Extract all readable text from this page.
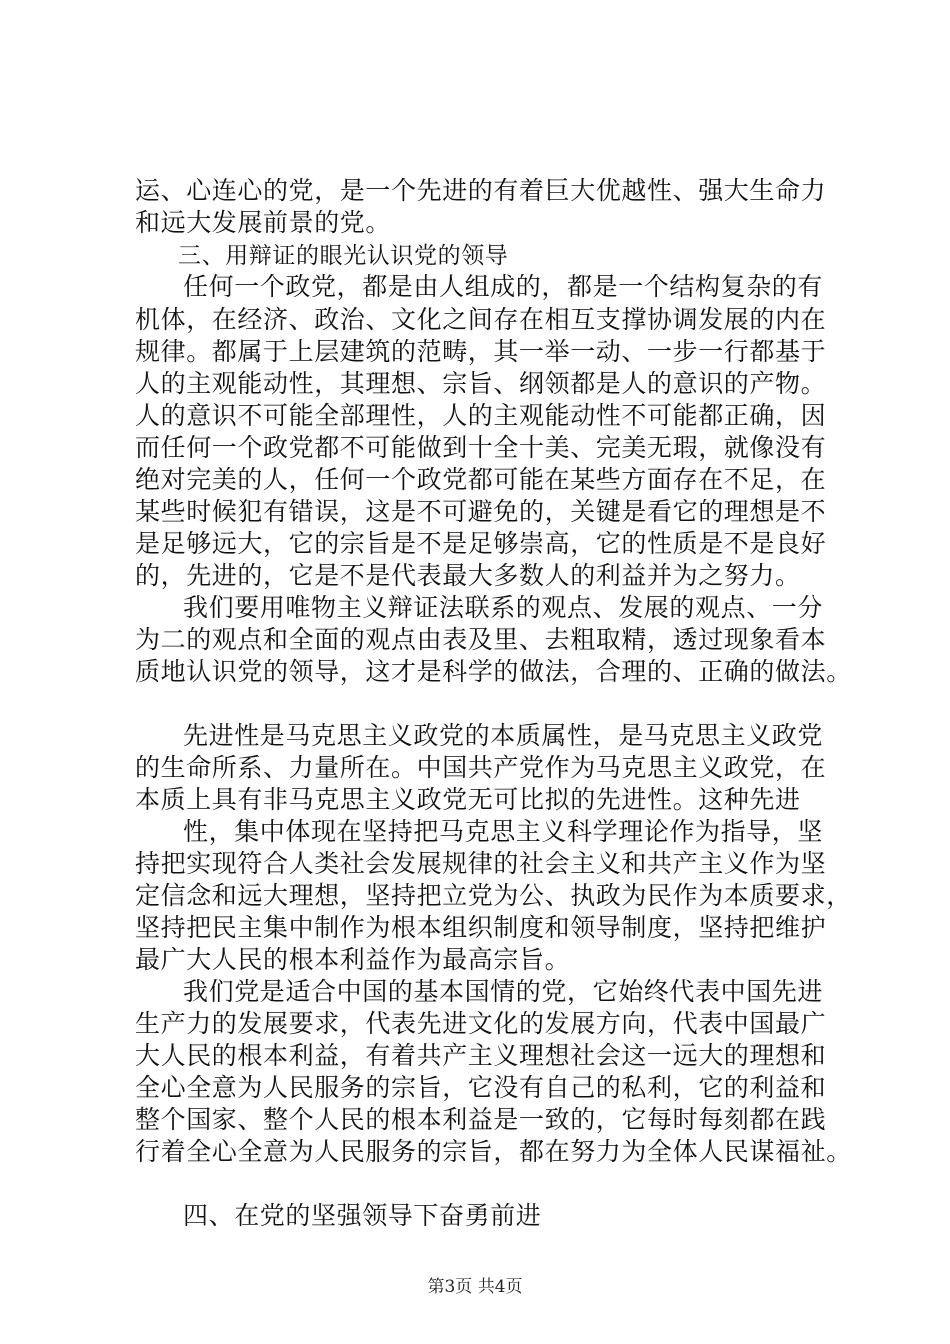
运、心连心的党，是一个先进的有着巨大优越性、强大生命力
和远大发展前景的党。
三、用辩证的眼光认识党的领导
任何一个政党，都是由人组成的，都是一个结构复杂的有
机体，在经济、政治、文化之间存在相互支撑协调发展的内在
规律。都属于上层建筑的范畴，其一举一动、一步一行都基于
人的主观能动性，其理想、宗旨、纲领都是人的意识的产物。
人的意识不可能全部理性，人的主观能动性不可能都正确，因
而任何一个政党都不可能做到十全十美、完美无瑕，就像没有
绝对完美的人，任何一个政党都可能在某些方面存在不足，在
某些时候犯有错误，这是不可避免的，关键是看它的理想是不
是足够远大，它的宗旨是不是足够崇高，它的性质是不是良好
的，先进的，它是不是代表最大多数人的利益并为之努力。
我们要用唯物主义辩证法联系的观点、发展的观点、一分
为二的观点和全面的观点由表及里、去粗取精，透过现象看本
质地认识党的领导，这才是科学的做法，合理的、正确的做法。
先进性是马克思主义政党的本质属性，是马克思主义政党
的生命所系、力量所在。中国共产党作为马克思主义政党，在
本质上具有非马克思主义政党无可比拟的先进性。这种先进
性，集中体现在坚持把马克思主义科学理论作为指导，坚
持把实现符合人类社会发展规律的社会主义和共产主义作为坚
定信念和远大理想，坚持把立党为公、执政为民作为本质要求，
坚持把民主集中制作为根本组织制度和领导制度，坚持把维护
最广大人民的根本利益作为最高宗旨。
我们党是适合中国的基本国情的党，它始终代表中国先进
生产力的发展要求，代表先进文化的发展方向，代表中国最广
大人民的根本利益，有着共产主义理想社会这一远大的理想和
全心全意为人民服务的宗旨，它没有自己的私利，它的利益和
整个国家、整个人民的根本利益是一致的，它每时每刻都在践
行着全心全意为人民服务的宗旨，都在努力为全体人民谋福祉。
四、在党的坚强领导下奋勇前进
第3页 共4页
